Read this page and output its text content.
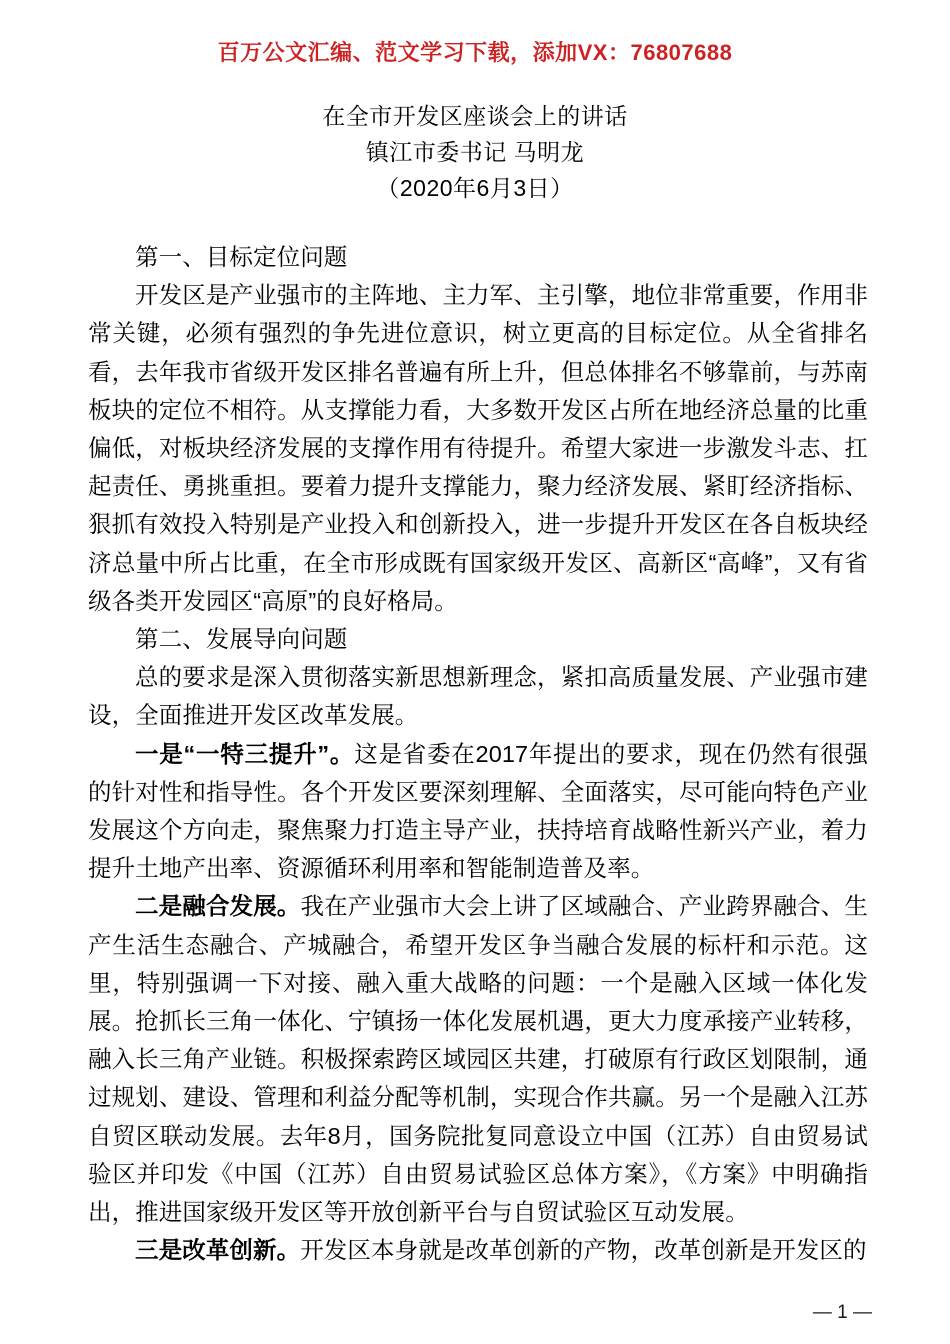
百万公文汇编、范文学习下载，添加VX：76807688
在全市开发区座谈会上的讲话
镇江市委书记 马明龙
（2020年6月3日）

第一、目标定位问题

开发区是产业强市的主阵地、主力军、主引擎，地位非常重要，作用非常关键，必须有强烈的争先进位意识，树立更高的目标定位。从全省排名看，去年我市省级开发区排名普遍有所上升，但总体排名不够靠前，与苏南板块的定位不相符。从支撑能力看，大多数开发区占所在地经济总量的比重偏低，对板块经济发展的支撑作用有待提升。希望大家进一步激发斗志、扛起责任、勇挑重担。要着力提升支撑能力，聚力经济发展、紧盯经济指标、狠抓有效投入特别是产业投入和创新投入，进一步提升开发区在各自板块经济总量中所占比重，在全市形成既有国家级开发区、高新区“高峰”，又有省级各类开发园区“高原”的良好格局。

第二、发展导向问题

总的要求是深入贯彻落实新思想新理念，紧扣高质量发展、产业强市建设，全面推进开发区改革发展。

一是“一特三提升”。这是省委在2017年提出的要求，现在仍然有很强的针对性和指导性。各个开发区要深刻理解、全面落实，尽可能向特色产业发展这个方向走，聚焦聚力打造主导产业，扶持培育战略性新兴产业，着力提升土地产出率、资源循环利用率和智能制造普及率。

二是融合发展。我在产业强市大会上讲了区域融合、产业跨界融合、生产生活生态融合、产城融合，希望开发区争当融合发展的标杆和示范。这里，特别强调一下对接、融入重大战略的问题：一个是融入区域一体化发展。抢抓长三角一体化、宁镇扬一体化发展机遇，更大力度承接产业转移，融入长三角产业链。积极探索跨区域园区共建，打破原有行政区划限制，通过规划、建设、管理和利益分配等机制，实现合作共赢。另一个是融入江苏自贸区联动发展。去年8月，国务院批复同意设立中国（江苏）自由贸易试验区并印发《中国（江苏）自由贸易试验区总体方案》，《方案》中明确指出，推进国家级开发区等开放创新平台与自贸试验区互动发展。

三是改革创新。开发区本身就是改革创新的产物，改革创新是开发区的

— 1 —
